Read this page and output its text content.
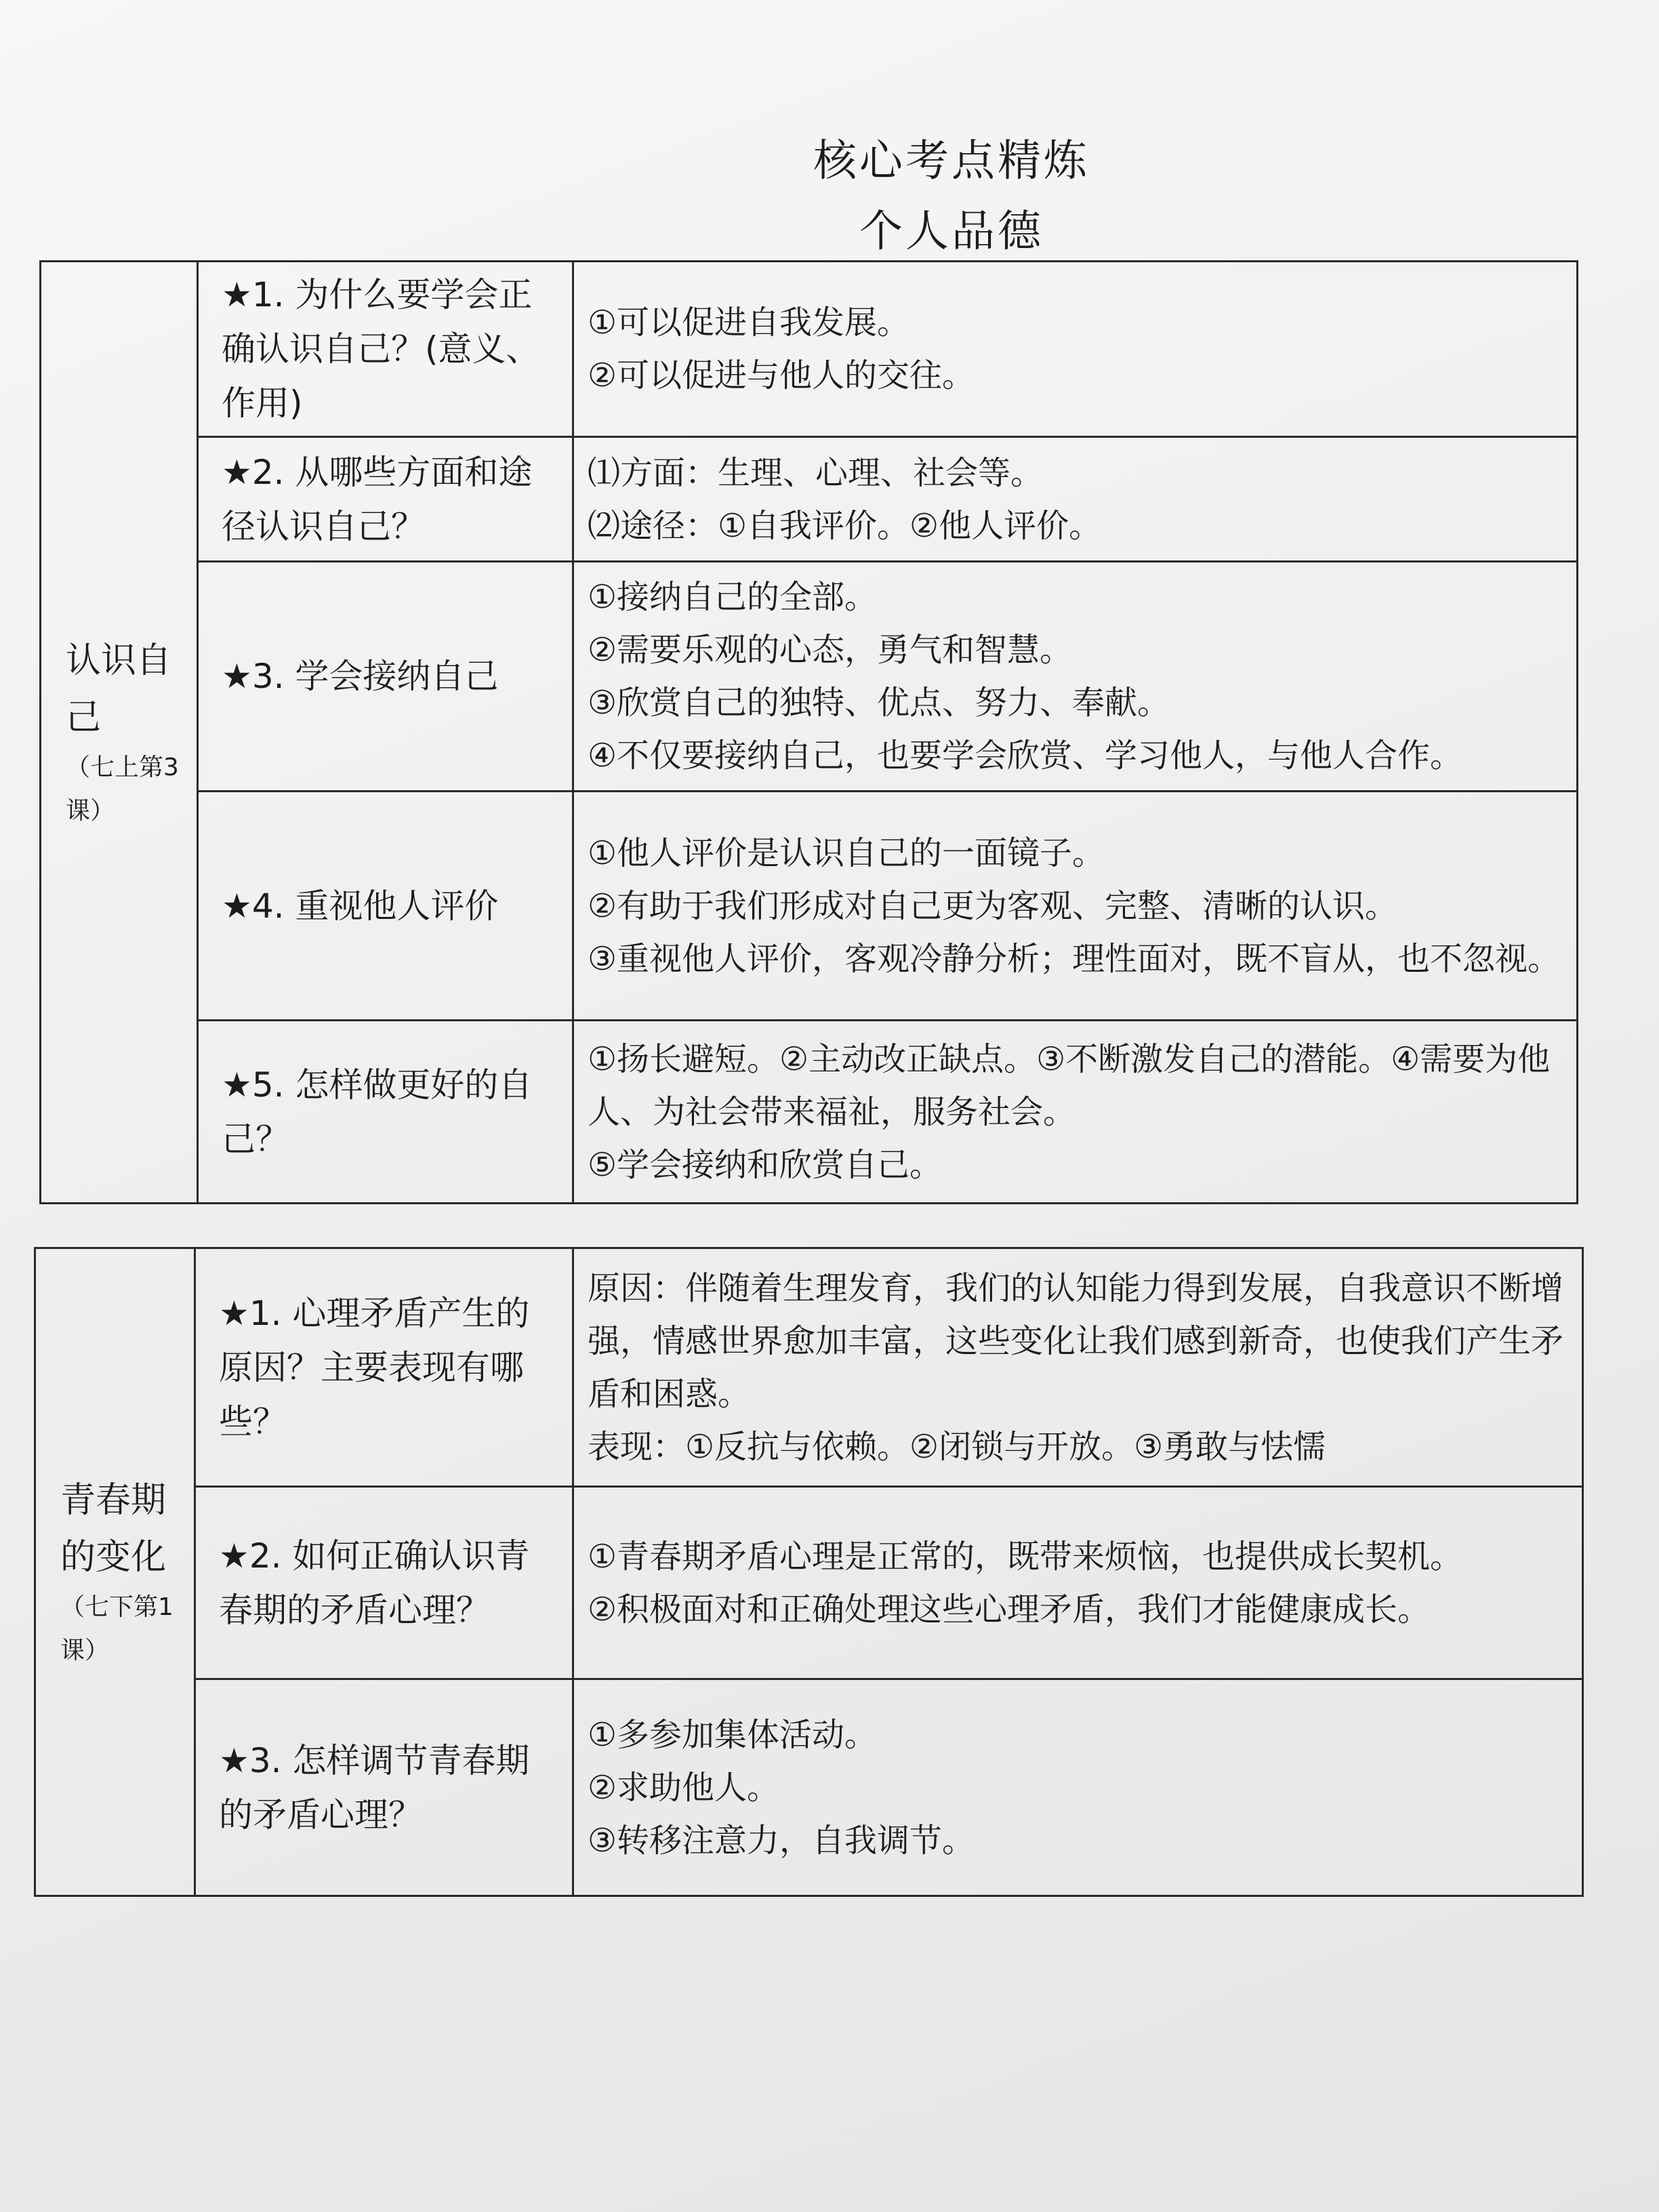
核心考点精炼
个人品德
认识自己
（七上第3课）	★1. 为什么要学会正确认识自己？(意义、作用)	①可以促进自我发展。
②可以促进与他人的交往。

	★2. 从哪些方面和途径认识自己？	⑴方面：生理、心理、社会等。
⑵途径：①自我评价。②他人评价。

	★3. 学会接纳自己	①接纳自己的全部。
②需要乐观的心态，勇气和智慧。
③欣赏自己的独特、优点、努力、奉献。
④不仅要接纳自己，也要学会欣赏、学习他人，与他人合作。

	★4. 重视他人评价	①他人评价是认识自己的一面镜子。
②有助于我们形成对自己更为客观、完整、清晰的认识。
③重视他人评价，客观冷静分析；理性面对，既不盲从，也不忽视。

	★5. 怎样做更好的自己？	①扬长避短。②主动改正缺点。③不断激发自己的潜能。④需要为他人、为社会带来福祉，服务社会。
⑤学会接纳和欣赏自己。
青春期的变化
（七下第1课）	★1. 心理矛盾产生的原因？主要表现有哪些？	原因：伴随着生理发育，我们的认知能力得到发展，自我意识不断增强，情感世界愈加丰富，这些变化让我们感到新奇，也使我们产生矛盾和困惑。
表现：①反抗与依赖。②闭锁与开放。③勇敢与怯懦

	★2. 如何正确认识青春期的矛盾心理？	①青春期矛盾心理是正常的，既带来烦恼，也提供成长契机。
②积极面对和正确处理这些心理矛盾，我们才能健康成长。

	★3. 怎样调节青春期的矛盾心理？	①多参加集体活动。
②求助他人。
③转移注意力，自我调节。
